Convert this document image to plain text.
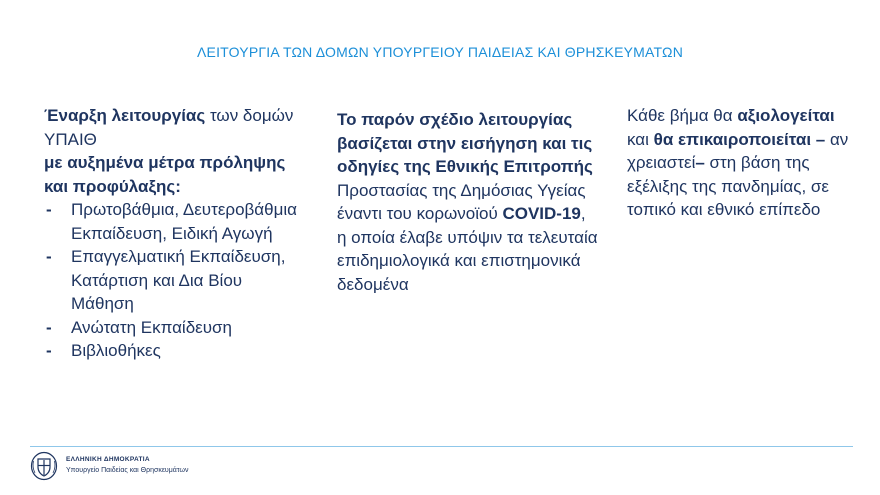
ΛΕΙΤΟΥΡΓΙΑ ΤΩΝ ΔΟΜΩΝ ΥΠΟΥΡΓΕΙΟΥ ΠΑΙΔΕΙΑΣ ΚΑΙ ΘΡΗΣΚΕΥΜΑΤΩΝ
Έναρξη λειτουργίας των δομών ΥΠΑΙΘ
με αυξημένα μέτρα πρόληψης και προφύλαξης:
- Πρωτοβάθμια, Δευτεροβάθμια Εκπαίδευση, Ειδική Αγωγή
- Επαγγελματική Εκπαίδευση, Κατάρτιση και Δια Βίου Μάθηση
- Ανώτατη Εκπαίδευση
- Βιβλιοθήκες
Το παρόν σχέδιο λειτουργίας βασίζεται στην εισήγηση και τις οδηγίες της Εθνικής Επιτροπής Προστασίας της Δημόσιας Υγείας έναντι του κορωνοϊού COVID-19, η οποία έλαβε υπόψιν τα τελευταία επιδημιολογικά και επιστημονικά δεδομένα
Κάθε βήμα θα αξιολογείται και θα επικαιροποιείται – αν χρειαστεί– στη βάση της εξέλιξης της πανδημίας, σε τοπικό και εθνικό επίπεδο
ΕΛΛΗΝΙΚΗ ΔΗΜΟΚΡΑΤΙΑ
Υπουργείο Παιδείας και Θρησκευμάτων
